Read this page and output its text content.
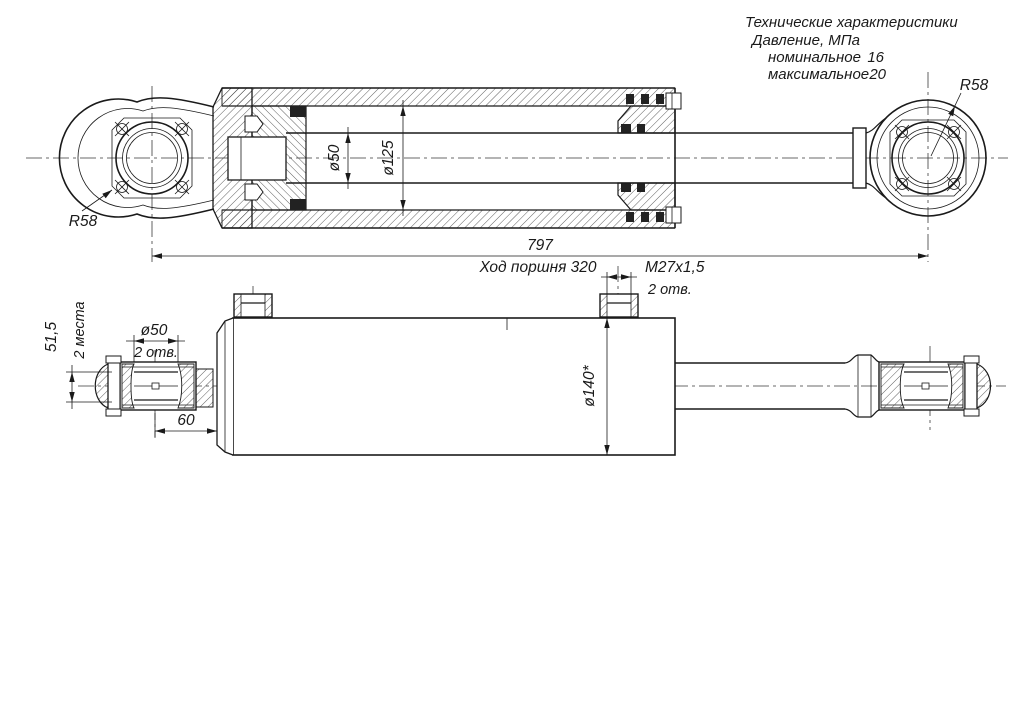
Технические характеристики
Давление, МПа
номинальное 16
максимальное 20
ø50 ø125
797
Ход поршня 320	M27x1,5
2 отв.
R58
R58
ø50
2 отв.
60
51,5 2 места
ø140*
